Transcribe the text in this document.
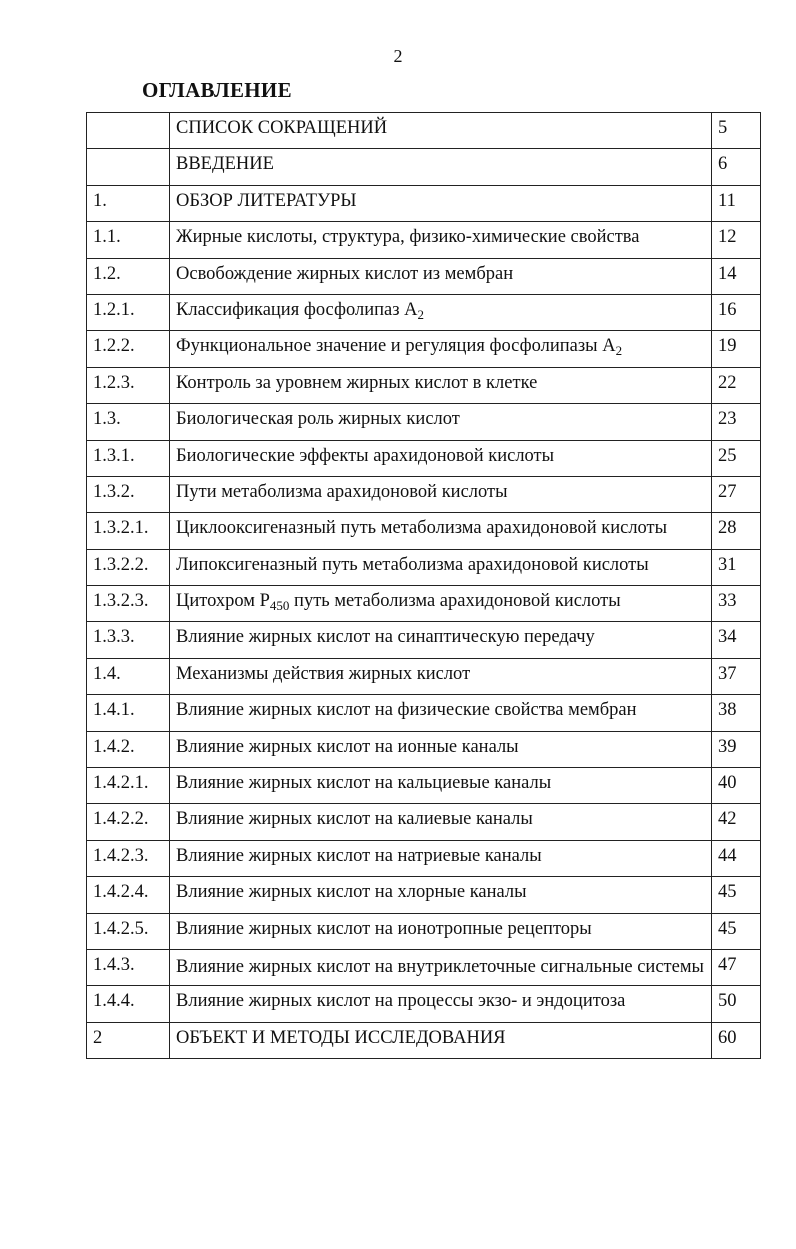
2
ОГЛАВЛЕНИЕ
	СПИСОК СОКРАЩЕНИЙ	5
	ВВЕДЕНИЕ	6
1.	ОБЗОР ЛИТЕРАТУРЫ	11
1.1.	Жирные кислоты, структура, физико-химические свойства	12
1.2.	Освобождение жирных кислот из мембран	14
1.2.1.	Классификация фосфолипаз $А_2$	16
1.2.2.	Функциональное значение и регуляция фосфолипазы $А_2$	19
1.2.3.	Контроль за уровнем жирных кислот в клетке	22
1.3.	Биологическая роль жирных кислот	23
1.3.1.	Биологические эффекты арахидоновой кислоты	25
1.3.2.	Пути метаболизма арахидоновой кислоты	27
1.3.2.1.	Циклооксигеназный путь метаболизма арахидоновой кислоты	28
1.3.2.2.	Липоксигеназный путь метаболизма арахидоновой кислоты	31
1.3.2.3.	Цитохром $Р_{450}$ путь метаболизма арахидоновой кислоты	33
1.3.3.	Влияние жирных кислот на синаптическую передачу	34
1.4.	Механизмы действия жирных кислот	37
1.4.1.	Влияние жирных кислот на физические свойства мембран	38
1.4.2.	Влияние жирных кислот на ионные каналы	39
1.4.2.1.	Влияние жирных кислот на кальциевые каналы	40
1.4.2.2.	Влияние жирных кислот на калиевые каналы	42
1.4.2.3.	Влияние жирных кислот на натриевые каналы	44
1.4.2.4.	Влияние жирных кислот на хлорные каналы	45
1.4.2.5.	Влияние жирных кислот на ионотропные рецепторы	45
1.4.3.	Влияние жирных кислот на внутриклеточные сигнальные системы	47
1.4.4.	Влияние жирных кислот на процессы экзо- и эндоцитоза	50
2	ОБЪЕКТ И МЕТОДЫ ИССЛЕДОВАНИЯ	60
